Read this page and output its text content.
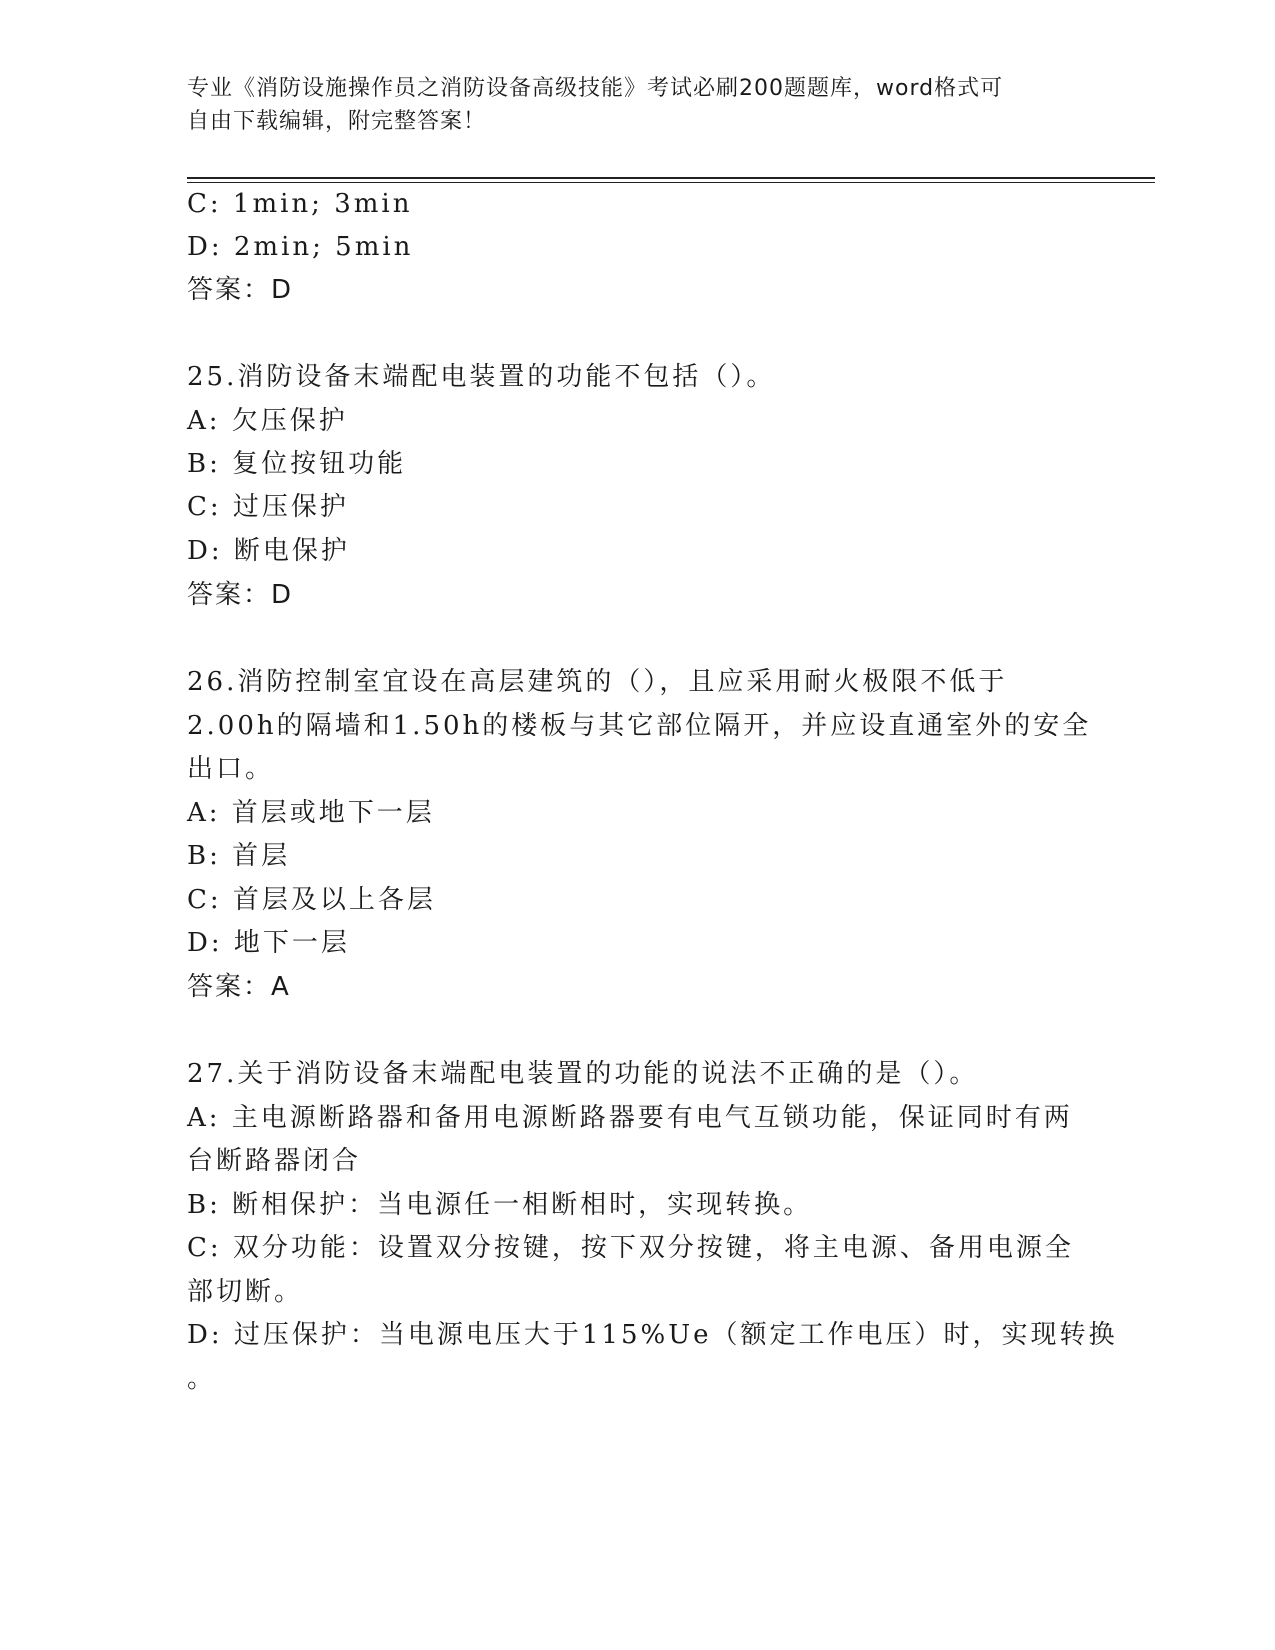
专业《消防设施操作员之消防设备高级技能》考试必刷200题题库，word格式可
自由下载编辑，附完整答案！
C: 1min; 3min
D: 2min; 5min
答案：D
25.消防设备末端配电装置的功能不包括（）。
A: 欠压保护
B: 复位按钮功能
C: 过压保护
D: 断电保护
答案：D
26.消防控制室宜设在高层建筑的（），且应采用耐火极限不低于
2.00h的隔墙和1.50h的楼板与其它部位隔开，并应设直通室外的安全
出口。
A: 首层或地下一层
B: 首层
C: 首层及以上各层
D: 地下一层
答案：A
27.关于消防设备末端配电装置的功能的说法不正确的是（）。
A: 主电源断路器和备用电源断路器要有电气互锁功能，保证同时有两
台断路器闭合
B: 断相保护：当电源任一相断相时，实现转换。
C: 双分功能：设置双分按键，按下双分按键，将主电源、备用电源全
部切断。
D: 过压保护：当电源电压大于115%Ue（额定工作电压）时，实现转换
。
